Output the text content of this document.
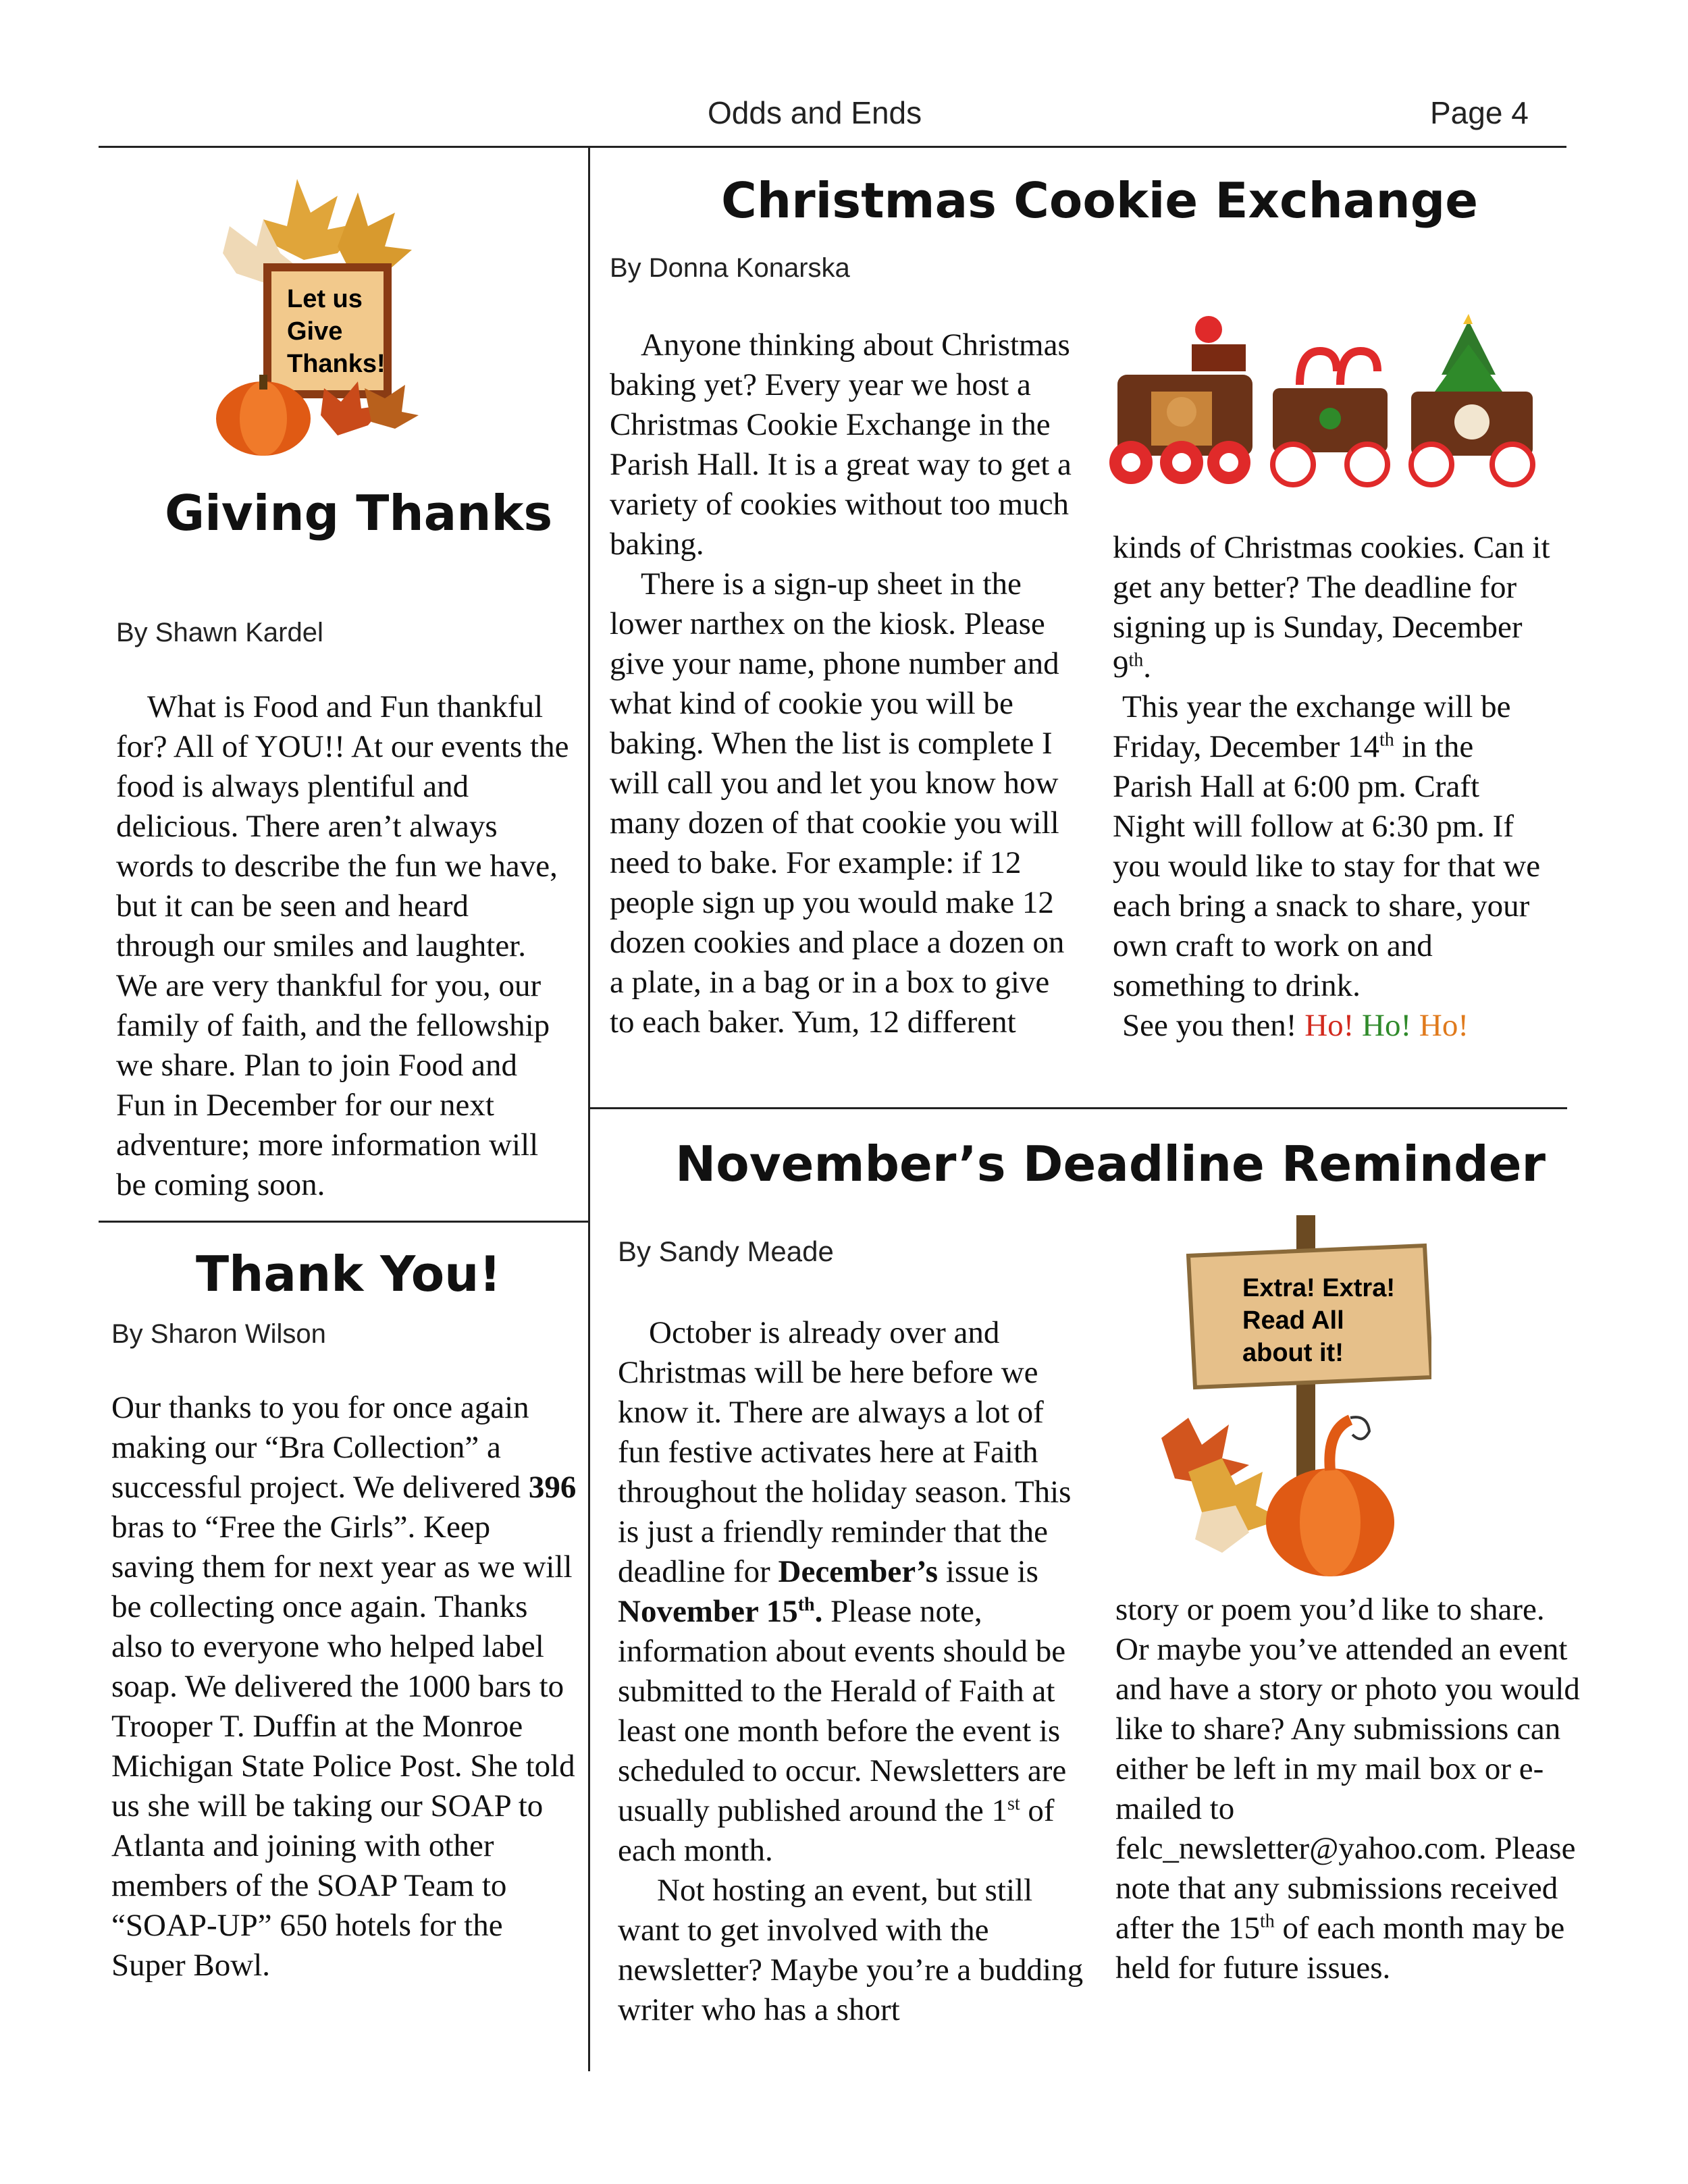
Odds and Ends	Page 4
Let us
Give
Thanks!
Giving Thanks
By Shawn Kardel

What is Food and Fun thankful for? All of YOU!! At our events the food is always plentiful and delicious. There aren’t always words to describe the fun we have, but it can be seen and heard through our smiles and laughter. We are very thankful for you, our family of faith, and the fellowship we share. Plan to join Food and Fun in December for our next adventure; more information will be coming soon.

Thank You!
By Sharon Wilson

Our thanks to you for once again making our “Bra Collection” a successful project. We delivered 396 bras to “Free the Girls”. Keep saving them for next year as we will be collecting once again. Thanks also to everyone who helped label soap. We delivered the 1000 bars to Trooper T. Duffin at the Monroe Michigan State Police Post. She told us she will be taking our SOAP to Atlanta and joining with other members of the SOAP Team to “SOAP-UP” 650 hotels for the Super Bowl.

Christmas Cookie Exchange
By Donna Konarska

Anyone thinking about Christmas baking yet? Every year we host a Christmas Cookie Exchange in the Parish Hall. It is a great way to get a variety of cookies without too much baking.

There is a sign-up sheet in the lower narthex on the kiosk. Please give your name, phone number and what kind of cookie you will be baking. When the list is complete I will call you and let you know how many dozen of that cookie you will need to bake. For example: if 12 people sign up you would make 12 dozen cookies and place a dozen on a plate, in a bag or in a box to give to each baker. Yum, 12 different

kinds of Christmas cookies. Can it get any better? The deadline for signing up is Sunday, December 9th.

This year the exchange will be Friday, December 14th in the Parish Hall at 6:00 pm. Craft Night will follow at 6:30 pm. If you would like to stay for that we each bring a snack to share, your own craft to work on and something to drink.

See you then! Ho! Ho! Ho!

November’s Deadline Reminder
By Sandy Meade

October is already over and Christmas will be here before we know it. There are always a lot of fun festive activates here at Faith throughout the holiday season. This is just a friendly reminder that the deadline for December’s issue is November 15th. Please note, information about events should be submitted to the Herald of Faith at least one month before the event is scheduled to occur. Newsletters are usually published around the 1st of each month.

Not hosting an event, but still want to get involved with the newsletter? Maybe you’re a budding writer who has a short

Extra! Extra!
Read All
about it!

story or poem you’d like to share. Or maybe you’ve attended an event and have a story or photo you would like to share? Any submissions can either be left in my mail box or e-mailed to felc_newsletter@yahoo.com. Please note that any submissions received after the 15th of each month may be held for future issues.
